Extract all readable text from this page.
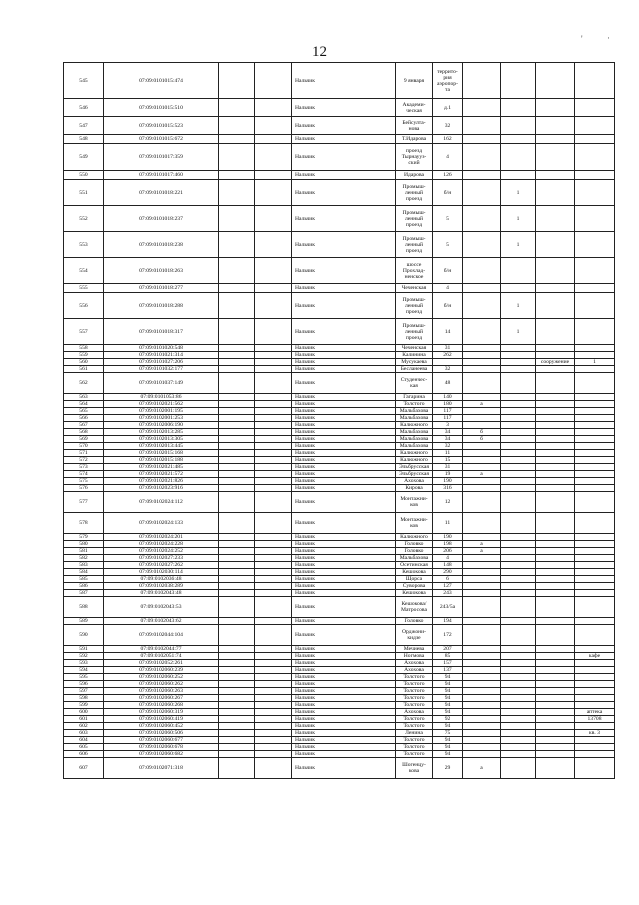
12
'	·
545	07:09:0101015:474			Нальчик	9 января	террито-
рия
аэропор-
та				
546	07:09:0101015:510			Нальчик	Академи-
ческая	д.1				
547	07:09:0101015:523			Нальчик	Бейсулта-
нова	32				
548	07:09:0101015:672			Нальчик	Т.Идарова	162				
549	07:09:0101017:359			Нальчик	проезд
Тырнаууз-
ский	4				
550	07:09:0101017:460			Нальчик	Идарова	126				
551	07:09:0101018:221			Нальчик	Промыш-
ленный
проезд	б/н		1		
552	07:09:0101018:237			Нальчик	Промыш-
ленный
проезд	5		1		
553	07:09:0101018:238			Нальчик	Промыш-
ленный
проезд	5		1		
554	07:09:0101018:263			Нальчик	шоссе
Прохлад-
ненское	б/н				
555	07:09:0101018:277			Нальчик	Чеченская	4				
556	07:09:0101018:288			Нальчик	Промыш-
ленный
проезд	б/н		1		
557	07:09:0101018:317			Нальчик	Промыш-
ленный
проезд	14		1		
558	07:09:0101020:548			Нальчик	Чеченская	31				
559	07:09:0101021:314			Нальчик	Калинина	262				
560	07:09:0101027:206			Нальчик	Мусукаева				сооружение	1
561	07:09:0101032:177			Нальчик	Бесланеева	32				
562	07:09:0101037:149			Нальчик	Студенчес-
кая	48				
563	07:09:0101053:86			Нальчик	Гагарина	140				
564	07:09:0102021:562			Нальчик	Толстого	180	а			
565	07:09:0102001:195			Нальчик	Мальбахова	117				
566	07:09:0102001:253			Нальчик	Мальбахова	117				
567	07:09:0102006:190			Нальчик	Калюжного	3				
568	07:09:0102013:285			Нальчик	Мальбахова	34	б			
569	07:09:0102013:305			Нальчик	Мальбахова	34	б			
570	07:09:0102013:445			Нальчик	Мальбахова	32				
571	07:09:0102015:168			Нальчик	Калюжного	11				
572	07:09:0102015:188			Нальчик	Калюжного	15				
573	07:09:0102021:485			Нальчик	Эльбрусская	31				
574	07:09:0102021:572			Нальчик	Эльбрусская	19	а			
575	07:09:0102021:826			Нальчик	Ахохова	190				
576	07:09:0102023:916			Нальчик	Кирова	316				
577	07:09:0102024:112			Нальчик	Монтажни-
ков	12				
578	07:09:0102024:133			Нальчик	Монтажни-
ков	11				
579	07:09:0102024:201			Нальчик	Калюжного	190				
580	07:09:0102024:228			Нальчик	Головко	198	а			
581	07:09:0102024:252			Нальчик	Головко	206	а			
582	07:09:0102027:233			Нальчик	Мальбахова	4				
583	07:09:0102027:262			Нальчик	Осетинская	148				
584	07:09:0102030:114			Нальчик	Кешокова	290				
585	07:09:0102036:48			Нальчик	Щорса	6				
586	07:09:0102038:289			Нальчик	Суворова	127				
587	07:09:0102043:48			Нальчик	Кешокова	243				
588	07:09:0102043:53			Нальчик	Кешокова/
Матросова	243/5а				
589	07:09:0102043:62			Нальчик	Головко	194				
590	07:09:0102044:104			Нальчик	Орджони-
кидзе	172				
591	07:09:0102044:77			Нальчик	Мечиева	207				
592	07:09:0102051:74			Нальчик	Ногмова	85				кафе
593	07:09:0102052:261			Нальчик	Ахохова	157				
594	07:09:0102060:239			Нальчик	Ахохова	137				
595	07:09:0102060:252			Нальчик	Толстого	94				
596	07:09:0102060:262			Нальчик	Толстого	94				
597	07:09:0102060:263			Нальчик	Толстого	94				
598	07:09:0102060:267			Нальчик	Толстого	94				
599	07:09:0102060:268			Нальчик	Толстого	94				
600	07:09:0102060:319			Нальчик	Ахохова	94				аптека
601	07:09:0102060:419			Нальчик	Толстого	92				13708
602	07:09:0102060:452			Нальчик	Толстого	94				
603	07:09:0102060:506			Нальчик	Ленина	75				кв. 3
604	07:09:0102060:677			Нальчик	Толстого	94				
605	07:09:0102060:678			Нальчик	Толстого	94				
606	07:09:0102060:682			Нальчик	Толстого	94				
607	07:09:0102071:318			Нальчик	Шогенцу-
кова	29	а			
